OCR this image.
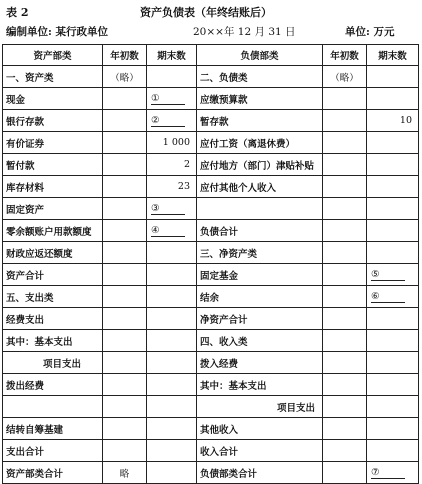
表 2	资产负债表（年终结账后）
编制单位: 某行政单位	20××年 12 月 31 日	单位: 万元
资产部类	年初数	期末数	负债部类	年初数	期末数
一、资产类	（略）		二、负债类	（略）	
现金		①	应缴预算款		
银行存款		②	暂存款		10
有价证券		1 000	应付工资（离退休费）		
暂付款		2	应付地方（部门）津贴补贴		
库存材料		23	应付其他个人收入		
固定资产		③			
零余额账户用款额度		④	负债合计		
财政应返还额度			三、净资产类		
资产合计			固定基金		⑤
五、支出类			结余		⑥
经费支出			净资产合计		
其中：基本支出			四、收入类		
项目支出			拨入经费		
拨出经费			其中：基本支出		
			项目支出		
结转自筹基建			其他收入		
支出合计			收入合计		
资产部类合计	略		负债部类合计		⑦
